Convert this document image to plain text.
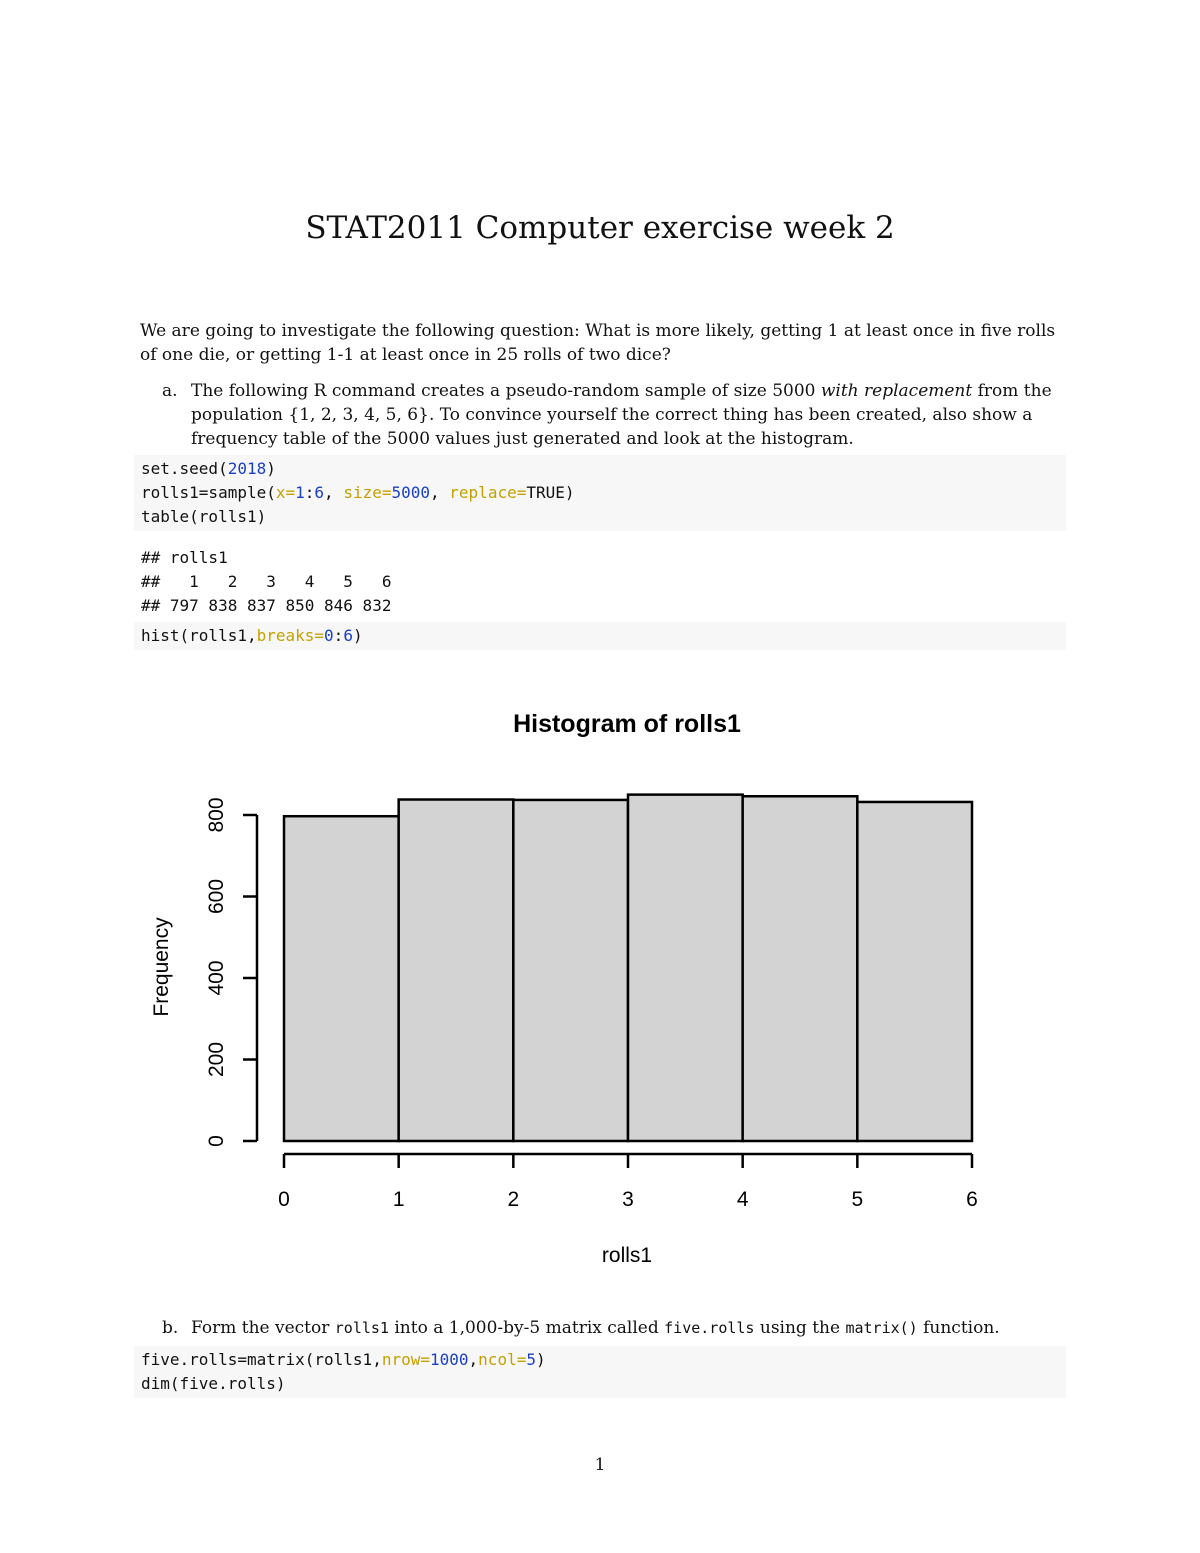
STAT2011 Computer exercise week 2

We are going to investigate the following question: What is more likely, getting 1 at least once in five rolls of one die, or getting 1-1 at least once in 25 rolls of two dice?

a. The following R command creates a pseudo-random sample of size 5000 with replacement from the population {1, 2, 3, 4, 5, 6}. To convince yourself the correct thing has been created, also show a frequency table of the 5000 values just generated and look at the histogram.
set.seed(2018)
rolls1=sample(x=1:6, size=5000, replace=TRUE)
table(rolls1)
## rolls1
##   1   2   3   4   5   6
## 797 838 837 850 846 832
hist(rolls1,breaks=0:6)
Histogram of rolls1
0	1	2	3	4	5	6
0
200
400
600
800
rolls1
Frequency
b. Form the vector rolls1 into a 1,000-by-5 matrix called five.rolls using the matrix() function.
five.rolls=matrix(rolls1,nrow=1000,ncol=5)
dim(five.rolls)
1
